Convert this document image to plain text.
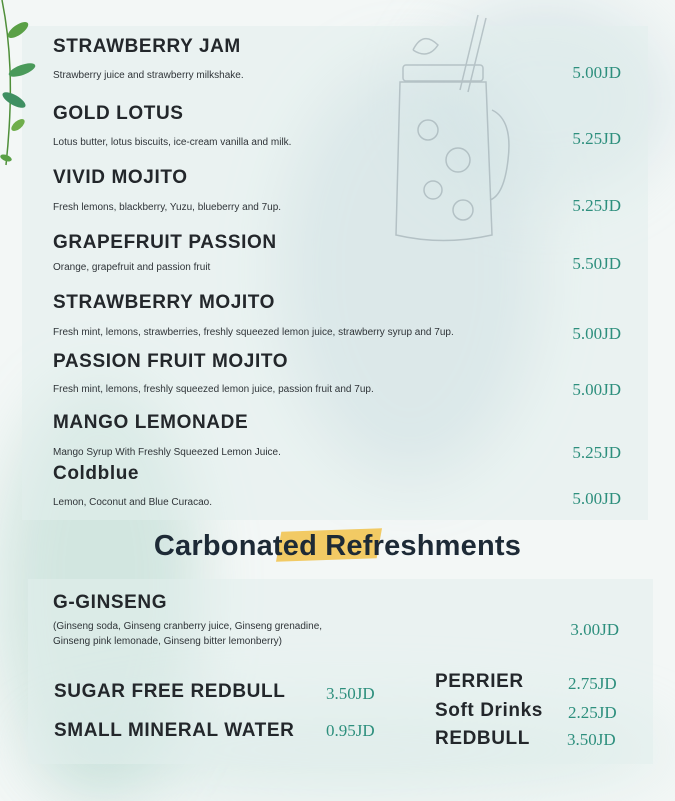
STRAWBERRY JAM
Strawberry juice and strawberry milkshake.	5.00JD
GOLD LOTUS
Lotus butter, lotus biscuits, ice-cream vanilla and milk.	5.25JD
VIVID MOJITO
Fresh lemons, blackberry, Yuzu, blueberry and 7up.	5.25JD
GRAPEFRUIT PASSION
Orange, grapefruit and passion fruit	5.50JD
STRAWBERRY MOJITO
Fresh mint, lemons, strawberries, freshly squeezed lemon juice, strawberry syrup and 7up.	5.00JD
PASSION FRUIT MOJITO
Fresh mint, lemons, freshly squeezed lemon juice, passion fruit and 7up.	5.00JD
MANGO LEMONADE
Mango Syrup With Freshly Squeezed Lemon Juice.	5.25JD
Coldblue
Lemon, Coconut and Blue Curacao.	5.00JD
Carbonated Refreshments
G-GINSENG
(Ginseng soda, Ginseng cranberry juice, Ginseng grenadine,
Ginseng pink lemonade, Ginseng bitter lemonberry)
3.00JD
SUGAR FREE REDBULL 3.50JD
SMALL MINERAL WATER 0.95JD
PERRIER	2.75JD
Soft Drinks 2.25JD
REDBULL 3.50JD
